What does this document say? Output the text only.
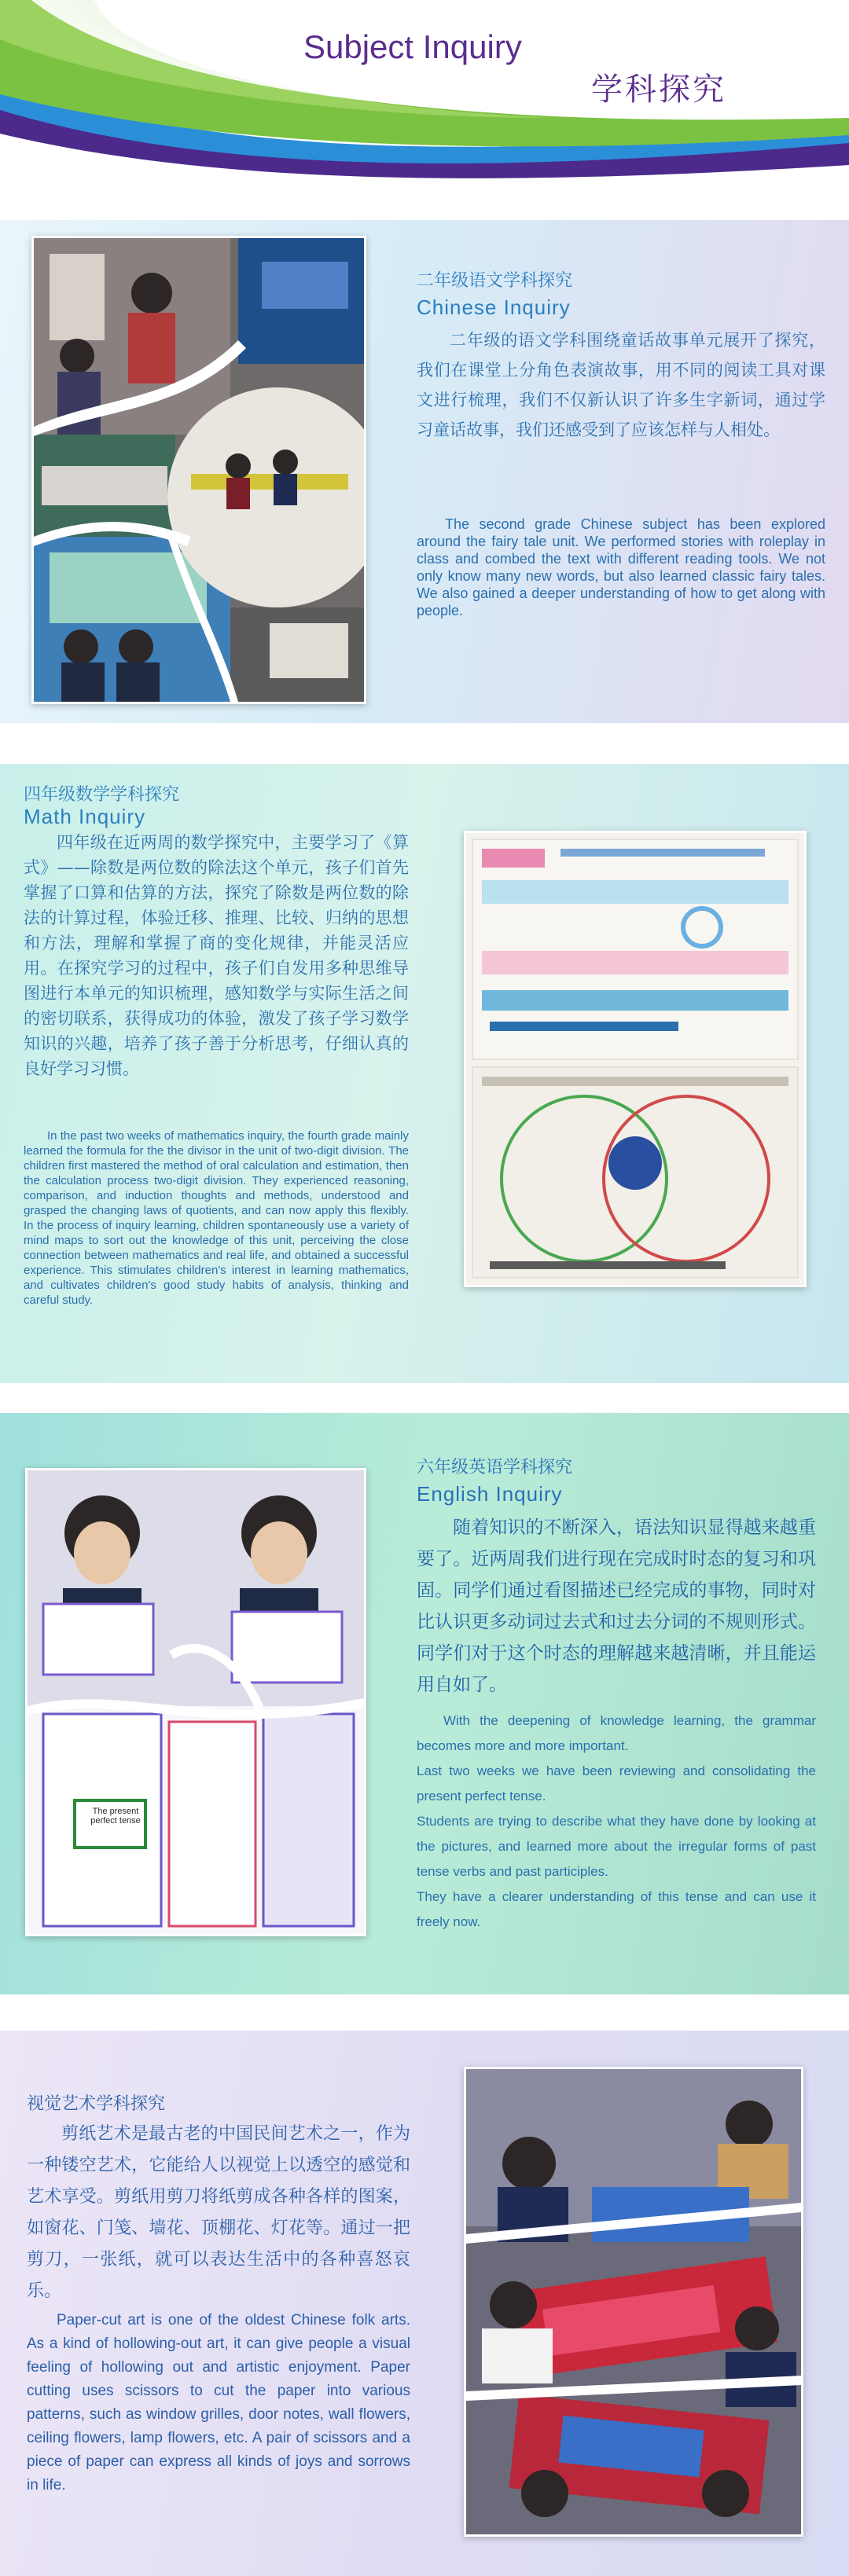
Subject Inquiry
学科探究
二年级语文学科探究
Chinese Inquiry

二年级的语文学科围绕童话故事单元展开了探究，我们在课堂上分角色表演故事，用不同的阅读工具对课文进行梳理，我们不仅新认识了许多生字新词，通过学习童话故事，我们还感受到了应该怎样与人相处。

The second grade Chinese subject has been explored around the fairy tale unit. We performed stories with roleplay in class and combed the text with different reading tools. We not only know many new words, but also learned classic fairy tales. We also gained a deeper understanding of how to get along with people.

四年级数学学科探究
Math Inquiry

四年级在近两周的数学探究中，主要学习了《算式》——除数是两位数的除法这个单元，孩子们首先掌握了口算和估算的方法，探究了除数是两位数的除法的计算过程，体验迁移、推理、比较、归纳的思想和方法，理解和掌握了商的变化规律，并能灵活应用。在探究学习的过程中，孩子们自发用多种思维导图进行本单元的知识梳理，感知数学与实际生活之间的密切联系，获得成功的体验，激发了孩子学习数学知识的兴趣，培养了孩子善于分析思考，仔细认真的良好学习习惯。

In the past two weeks of mathematics inquiry, the fourth grade mainly learned the formula for the the divisor in the unit of two-digit division. The children first mastered the method of oral calculation and estimation, then the calculation process two-digit division. They experienced reasoning, comparison, and induction thoughts and methods, understood and grasped the changing laws of quotients, and can now apply this flexibly. In the process of inquiry learning, children spontaneously use a variety of mind maps to sort out the knowledge of this unit, perceiving the close connection between mathematics and real life, and obtained a successful experience. This stimulates children's interest in learning mathematics, and cultivates children's good study habits of analysis, thinking and careful study.

The present perfect tense
六年级英语学科探究
English Inquiry

随着知识的不断深入，语法知识显得越来越重要了。近两周我们进行现在完成时时态的复习和巩固。同学们通过看图描述已经完成的事物，同时对比认识更多动词过去式和过去分词的不规则形式。同学们对于这个时态的理解越来越清晰，并且能运用自如了。

With the deepening of knowledge learning, the grammar becomes more and more important.
Last two weeks we have been reviewing and consolidating the present perfect tense.
Students are trying to describe what they have done by looking at the pictures, and learned more about the irregular forms of past tense verbs and past participles.
They have a clearer understanding of this tense and can use it freely now.

视觉艺术学科探究

剪纸艺术是最古老的中国民间艺术之一，作为一种镂空艺术，它能给人以视觉上以透空的感觉和艺术享受。剪纸用剪刀将纸剪成各种各样的图案，如窗花、门笺、墙花、顶棚花、灯花等。通过一把剪刀，一张纸，就可以表达生活中的各种喜怒哀乐。

Paper-cut art is one of the oldest Chinese folk arts. As a kind of hollowing-out art, it can give people a visual feeling of hollowing out and artistic enjoyment. Paper cutting uses scissors to cut the paper into various patterns, such as window grilles, door notes, wall flowers, ceiling flowers, lamp flowers, etc. A pair of scissors and a piece of paper can express all kinds of joys and sorrows in life.
